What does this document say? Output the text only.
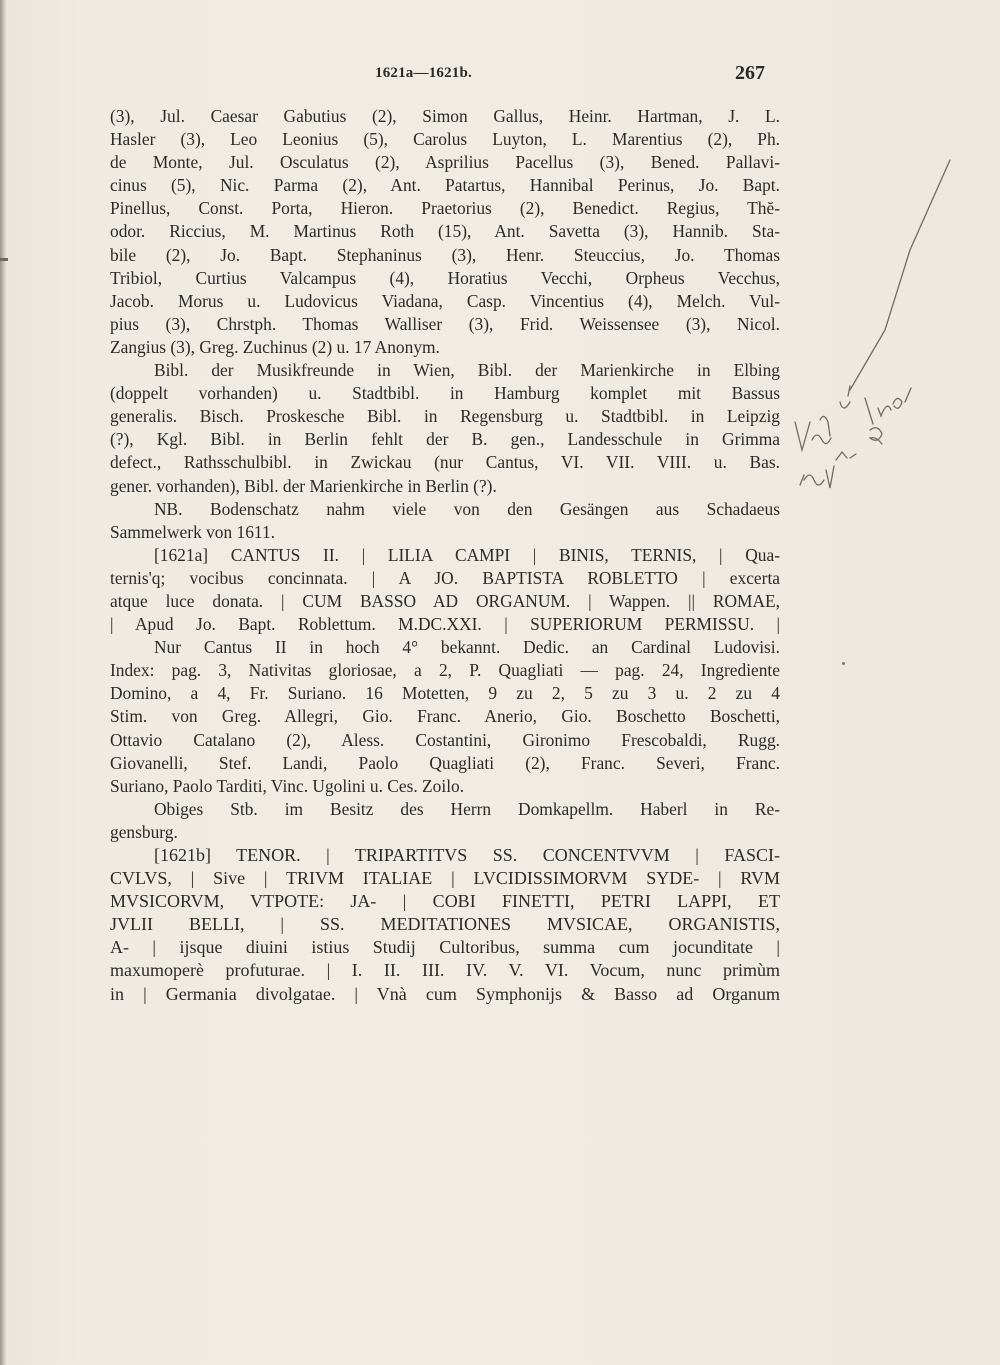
1621a—1621b.	267
(3), Jul. Caesar Gabutius (2), Simon Gallus, Heinr. Hartman, J. L.
Hasler (3), Leo Leonius (5), Carolus Luyton, L. Marentius (2), Ph.
de Monte, Jul. Osculatus (2), Asprilius Pacellus (3), Bened. Pallavi-
cinus (5), Nic. Parma (2), Ant. Patartus, Hannibal Perinus, Jo. Bapt.
Pinellus, Const. Porta, Hieron. Praetorius (2), Benedict. Regius, Thĕ-
odor. Riccius, M. Martinus Roth (15), Ant. Savetta (3), Hannib. Sta-
bile (2), Jo. Bapt. Stephaninus (3), Henr. Steuccius, Jo. Thomas
Tribiol, Curtius Valcampus (4), Horatius Vecchi, Orpheus Vecchus,
Jacob. Morus u. Ludovicus Viadana, Casp. Vincentius (4), Melch. Vul-
pius (3), Chrstph. Thomas Walliser (3), Frid. Weissensee (3), Nicol.
Zangius (3), Greg. Zuchinus (2) u. 17 Anonym.
Bibl. der Musikfreunde in Wien, Bibl. der Marienkirche in Elbing
(doppelt vorhanden) u. Stadtbibl. in Hamburg komplet mit Bassus
generalis. Bisch. Proskesche Bibl. in Regensburg u. Stadtbibl. in Leipzig
(?), Kgl. Bibl. in Berlin fehlt der B. gen., Landesschule in Grimma
defect., Rathsschulbibl. in Zwickau (nur Cantus, VI. VII. VIII. u. Bas.
gener. vorhanden), Bibl. der Marienkirche in Berlin (?).
NB. Bodenschatz nahm viele von den Gesängen aus Schadaeus
Sammelwerk von 1611.
[1621a] CANTUS II. | LILIA CAMPI | BINIS, TERNIS, | Qua-
ternis'q; vocibus concinnata. | A JO. BAPTISTA ROBLETTO | excerta
atque luce donata. | CUM BASSO AD ORGANUM. | Wappen. || ROMAE,
| Apud Jo. Bapt. Roblettum. M.DC.XXI. | SUPERIORUM PERMISSU. |
Nur Cantus II in hoch 4° bekannt. Dedic. an Cardinal Ludovisi.
Index: pag. 3, Nativitas gloriosae, a 2, P. Quagliati — pag. 24, Ingrediente
Domino, a 4, Fr. Suriano. 16 Motetten, 9 zu 2, 5 zu 3 u. 2 zu 4
Stim. von Greg. Allegri, Gio. Franc. Anerio, Gio. Boschetto Boschetti,
Ottavio Catalano (2), Aless. Costantini, Gironimo Frescobaldi, Rugg.
Giovanelli, Stef. Landi, Paolo Quagliati (2), Franc. Severi, Franc.
Suriano, Paolo Tarditi, Vinc. Ugolini u. Ces. Zoilo.
Obiges Stb. im Besitz des Herrn Domkapellm. Haberl in Re-
gensburg.
[1621b] TENOR. | TRIPARTITVS SS. CONCENTVVM | FASCI-
CVLVS, | Sive | TRIVM ITALIAE | LVCIDISSIMORVM SYDE- | RVM
MVSICORVM, VTPOTE: JA- | COBI FINETTI, PETRI LAPPI, ET
JVLII BELLI, | SS. MEDITATIONES MVSICAE, ORGANISTIS,
A- | ijsque diuini istius Studij Cultoribus, summa cum jocunditate |
maxumoperè profuturae. | I. II. III. IV. V. VI. Vocum, nunc primùm
in | Germania divolgatae. | Vnà cum Symphonijs & Basso ad Organum
